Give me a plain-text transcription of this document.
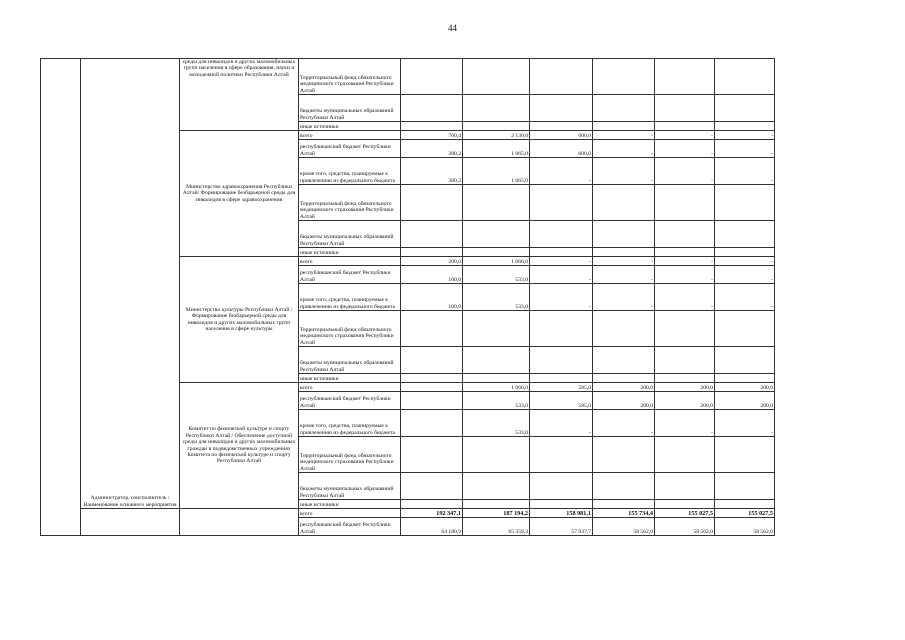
44
	Администратор, соисполнитель / Наименование основного мероприятия	среды для инвалидов и других маломобильных групп населения в сфере образования, науки и молодежной политики Республики Алтай	Территориальный фонд обязательного медицинского страхования Республики Алтай						
			бюджеты муниципальных образований Республики Алтай						
			иные источники						
		Министерство здравоохранения Республики Алтай/ Формирование безбарьерной среды для инвалидов в сфере здравоохранения	всего	760,4	2 130,0	600,0	-	-	-
			республиканский бюджет Республики Алтай	380,2	1 065,0	600,0	-	-	-
			кроме того, средства, планируемые к привлечению из федерального бюджета	380,2	1 065,0	-	-	-	-
			Территориальный фонд обязательного медицинского страхования Республики Алтай						
			бюджеты муниципальных образований Республики Алтай						
			иные источники						
		Министерство культуры Республики Алтай / Формирование безбарьерной среды для инвалидов и других маломобильных групп населения в сфере культуры	всего	200,0	1 066,0	-	-	-	-
			республиканский бюджет Республики Алтай	100,0	533,0	-	-	-	-
			кроме того, средства, планируемые к привлечению из федерального бюджета	100,0	533,0	-	-	-	-
			Территориальный фонд обязательного медицинского страхования Республики Алтай						
			бюджеты муниципальных образований Республики Алтай						
			иные источники						
		Комитет по физической культуре и спорту Республики Алтай / Обеспечение доступной среды для инвалидов и других маломобильных граждан в подведомственных учреждениях Комитета по физической культуре и спорту Республики Алтай	всего		1 066,0	585,0	200,0	200,0	200,0
			республиканский бюджет Республики Алтай		533,0	585,0	200,0	200,0	200,0
			кроме того, средства, планируемые к привлечению из федерального бюджета		533,0	-	-	-	-
			Территориальный фонд обязательного медицинского страхования Республики Алтай						
			бюджеты муниципальных образований Республики Алтай						
			иные источники						
			всего	192 347,1	187 194,2	158 981,1	155 734,4	155 027,5	155 027,5
			республиканский бюджет Республики Алтай	64 180,9	65 359,3	57 937,7	58 562,0	58 562,0	58 562,0
